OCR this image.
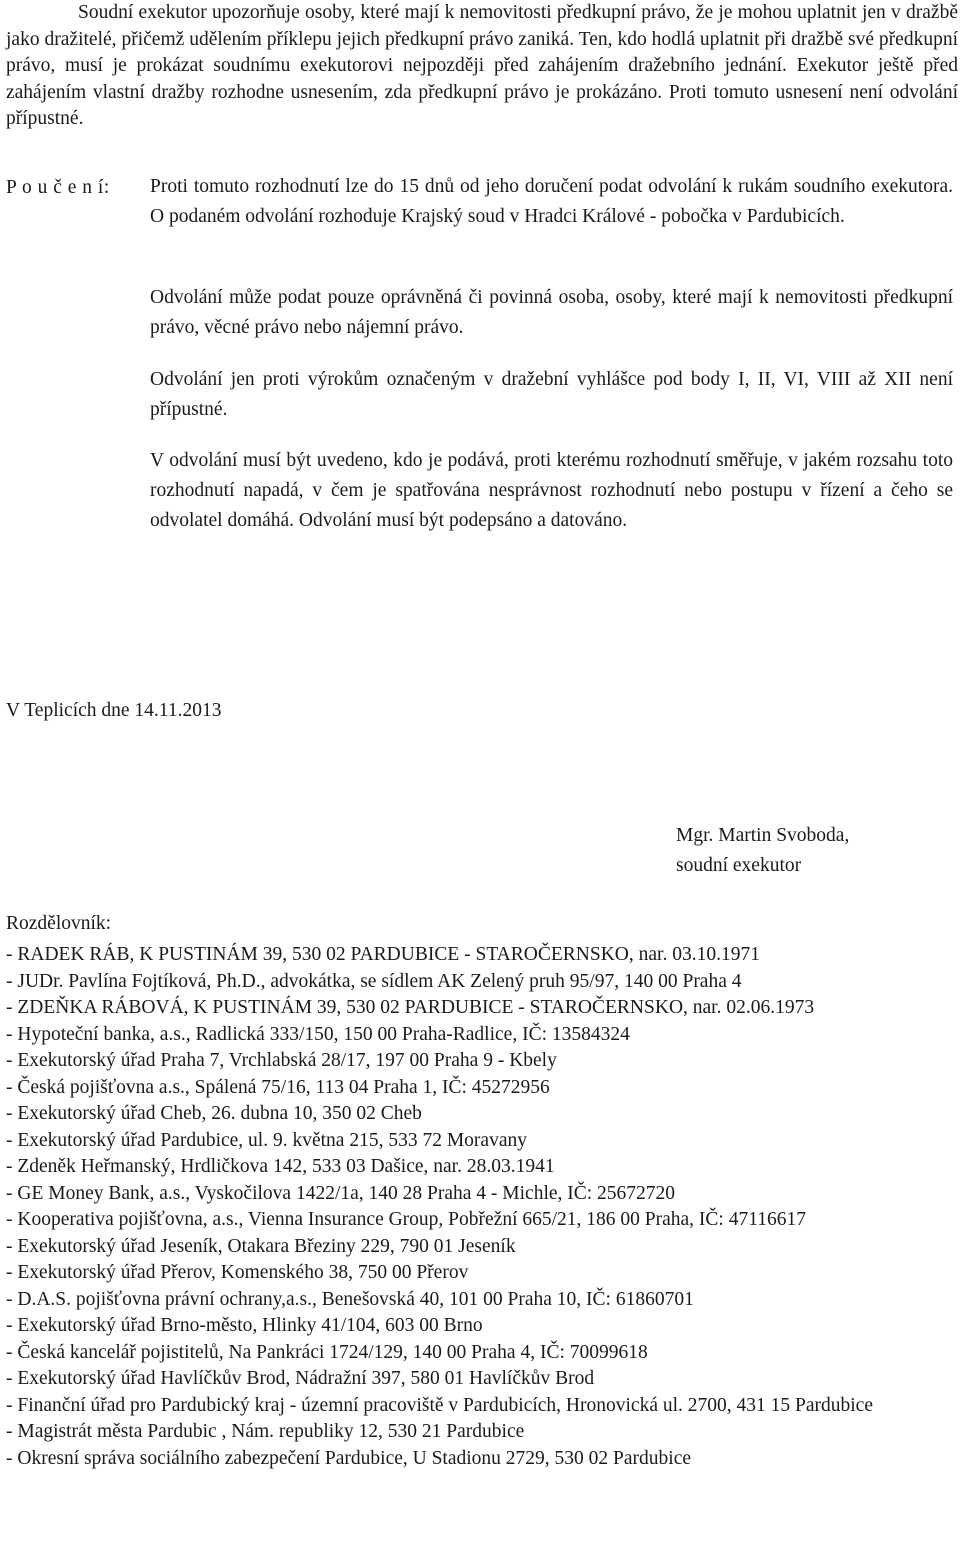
Soudní exekutor upozorňuje osoby, které mají k nemovitosti předkupní právo, že je mohou uplatnit jen v dražbě jako dražitelé, přičemž udělením příklepu jejich předkupní právo zaniká. Ten, kdo hodlá uplatnit při dražbě své předkupní právo, musí je prokázat soudnímu exekutorovi nejpozději před zahájením dražebního jednání. Exekutor ještě před zahájením vlastní dražby rozhodne usnesením, zda předkupní právo je prokázáno. Proti tomuto usnesení není odvolání přípustné.

P o u č e n í: Proti tomuto rozhodnutí lze do 15 dnů od jeho doručení podat odvolání k rukám soudního exekutora. O podaném odvolání rozhoduje Krajský soud v Hradci Králové - pobočka v Pardubicích.

Odvolání může podat pouze oprávněná či povinná osoba, osoby, které mají k nemovitosti předkupní právo, věcné právo nebo nájemní právo.

Odvolání jen proti výrokům označeným v dražební vyhlášce pod body I, II, VI, VIII až XII není přípustné.

V odvolání musí být uvedeno, kdo je podává, proti kterému rozhodnutí směřuje, v jakém rozsahu toto rozhodnutí napadá, v čem je spatřována nesprávnost rozhodnutí nebo postupu v řízení a čeho se odvolatel domáhá. Odvolání musí být podepsáno a datováno.

V Teplicích dne 14.11.2013
Mgr. Martin Svoboda,
soudní exekutor
Rozdělovník:
- RADEK RÁB, K PUSTINÁM 39, 530 02 PARDUBICE - STAROČERNSKO, nar. 03.10.1971
- JUDr. Pavlína Fojtíková, Ph.D., advokátka, se sídlem AK Zelený pruh 95/97, 140 00 Praha 4
- ZDEŇKA RÁBOVÁ, K PUSTINÁM 39, 530 02 PARDUBICE - STAROČERNSKO, nar. 02.06.1973
- Hypoteční banka, a.s., Radlická 333/150, 150 00 Praha-Radlice, IČ: 13584324
- Exekutorský úřad Praha 7, Vrchlabská 28/17, 197 00 Praha 9 - Kbely
- Česká pojišťovna a.s., Spálená 75/16, 113 04 Praha 1, IČ: 45272956
- Exekutorský úřad Cheb, 26. dubna 10, 350 02 Cheb
- Exekutorský úřad Pardubice, ul. 9. května 215, 533 72 Moravany
- Zdeněk Heřmanský, Hrdličkova 142, 533 03 Dašice, nar. 28.03.1941
- GE Money Bank, a.s., Vyskočilova 1422/1a, 140 28 Praha 4 - Michle, IČ: 25672720
- Kooperativa pojišťovna, a.s., Vienna Insurance Group, Pobřežní 665/21, 186 00 Praha, IČ: 47116617
- Exekutorský úřad Jeseník, Otakara Březiny 229, 790 01 Jeseník
- Exekutorský úřad Přerov, Komenského 38, 750 00 Přerov
- D.A.S. pojišťovna právní ochrany,a.s., Benešovská 40, 101 00 Praha 10, IČ: 61860701
- Exekutorský úřad Brno-město, Hlinky 41/104, 603 00 Brno
- Česká kancelář pojistitelů, Na Pankráci 1724/129, 140 00 Praha 4, IČ: 70099618
- Exekutorský úřad Havlíčkův Brod, Nádražní 397, 580 01 Havlíčkův Brod
- Finanční úřad pro Pardubický kraj - územní pracoviště v Pardubicích, Hronovická ul. 2700, 431 15 Pardubice
- Magistrát města Pardubic , Nám. republiky 12, 530 21 Pardubice
- Okresní správa sociálního zabezpečení Pardubice, U Stadionu 2729, 530 02 Pardubice
